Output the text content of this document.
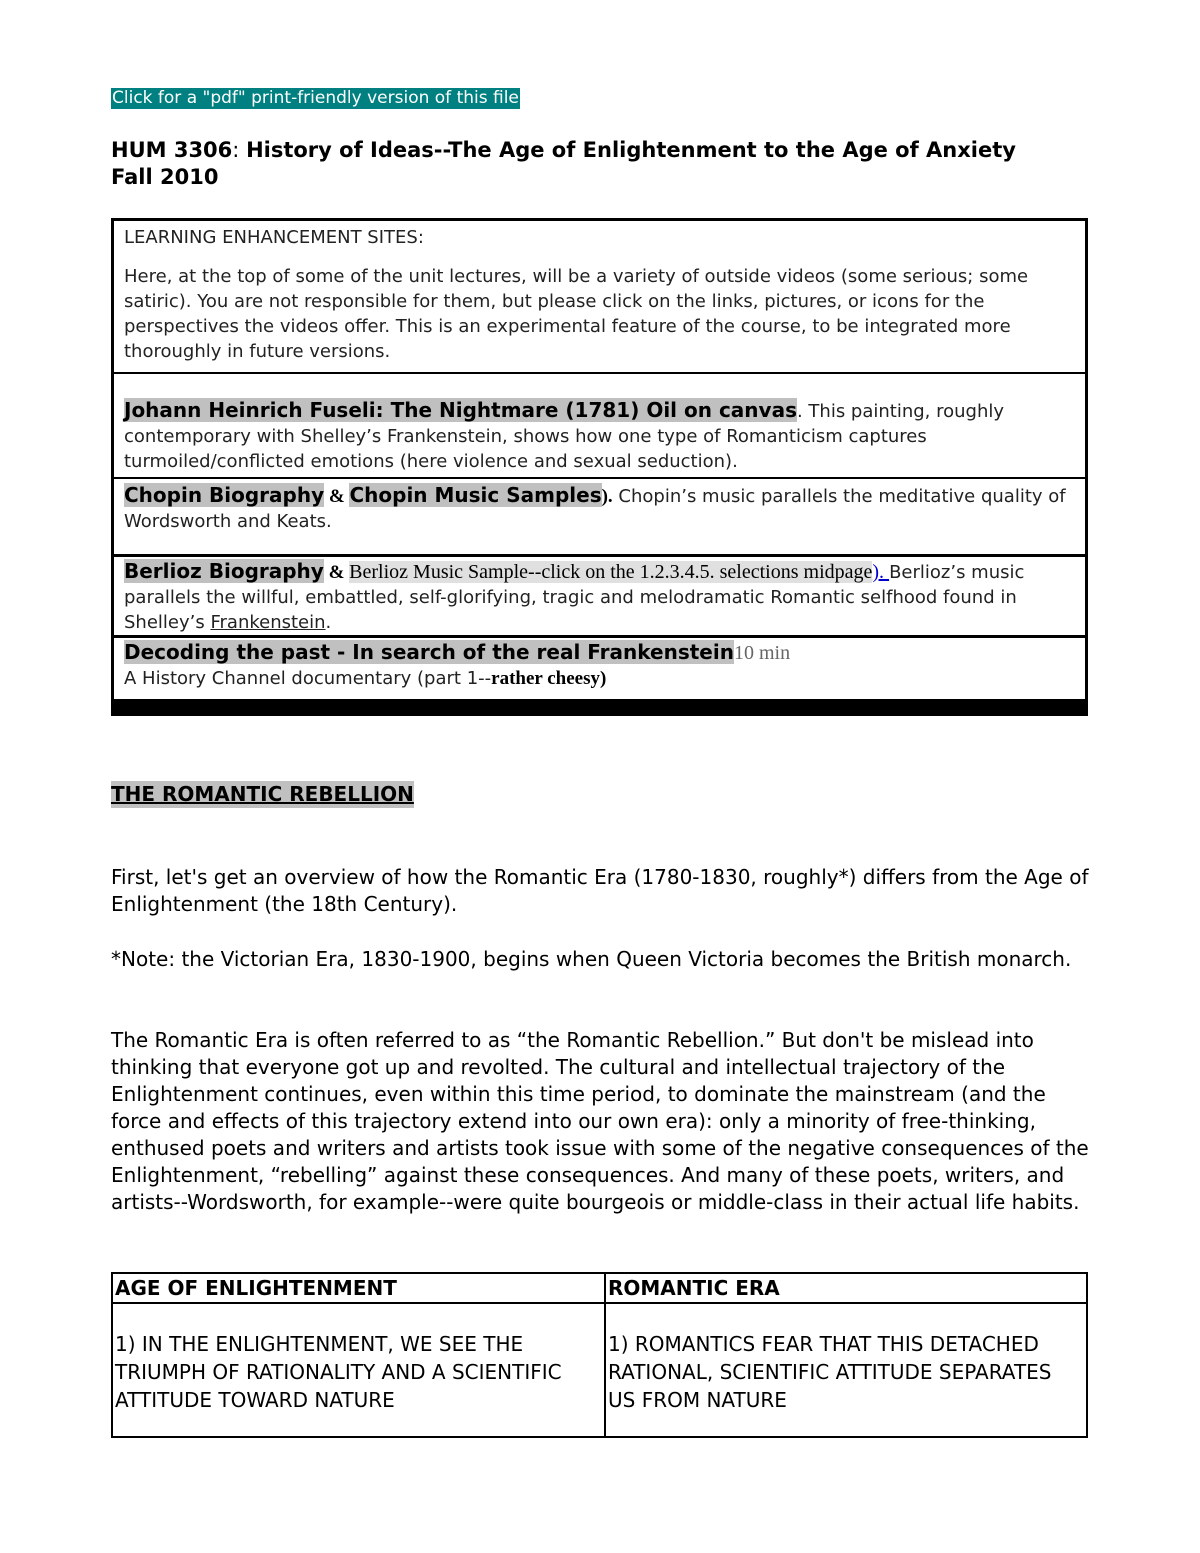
Click for a "pdf" print-friendly version of this file
HUM 3306: History of Ideas--The Age of Enlightenment to the Age of Anxiety
Fall 2010

LEARNING ENHANCEMENT SITES:

Here, at the top of some of the unit lectures, will be a variety of outside videos (some serious; some satiric). You are not responsible for them, but please click on the links, pictures, or icons for the perspectives the videos offer. This is an experimental feature of the course, to be integrated more thoroughly in future versions.

Johann Heinrich Fuseli: The Nightmare (1781) Oil on canvas. This painting, roughly contemporary with Shelley’s Frankenstein, shows how one type of Romanticism captures turmoiled/conflicted emotions (here violence and sexual seduction).
Chopin Biography & Chopin Music Samples). Chopin’s music parallels the meditative quality of Wordsworth and Keats.
Berlioz Biography & Berlioz Music Sample--click on the 1.2.3.4.5. selections midpage). Berlioz’s music parallels the willful, embattled, self-glorifying, tragic and melodramatic Romantic selfhood found in Shelley’s Frankenstein.
Decoding the past - In search of the real Frankenstein10 min
A History Channel documentary (part 1--rather cheesy)
THE ROMANTIC REBELLION
First, let's get an overview of how the Romantic Era (1780-1830, roughly*) differs from the Age of Enlightenment (the 18th Century).
*Note: the Victorian Era, 1830-1900, begins when Queen Victoria becomes the British monarch.
The Romantic Era is often referred to as “the Romantic Rebellion.” But don't be mislead into thinking that everyone got up and revolted. The cultural and intellectual trajectory of the Enlightenment continues, even within this time period, to dominate the mainstream (and the force and effects of this trajectory extend into our own era): only a minority of free-thinking, enthused poets and writers and artists took issue with some of the negative consequences of the Enlightenment, “rebelling” against these consequences. And many of these poets, writers, and artists--Wordsworth, for example--were quite bourgeois or middle-class in their actual life habits.
AGE OF ENLIGHTENMENT	ROMANTIC ERA
1) IN THE ENLIGHTENMENT, WE SEE THE TRIUMPH OF RATIONALITY AND A SCIENTIFIC ATTITUDE TOWARD NATURE	1) ROMANTICS FEAR THAT THIS DETACHED RATIONAL, SCIENTIFIC ATTITUDE SEPARATES US FROM NATURE
